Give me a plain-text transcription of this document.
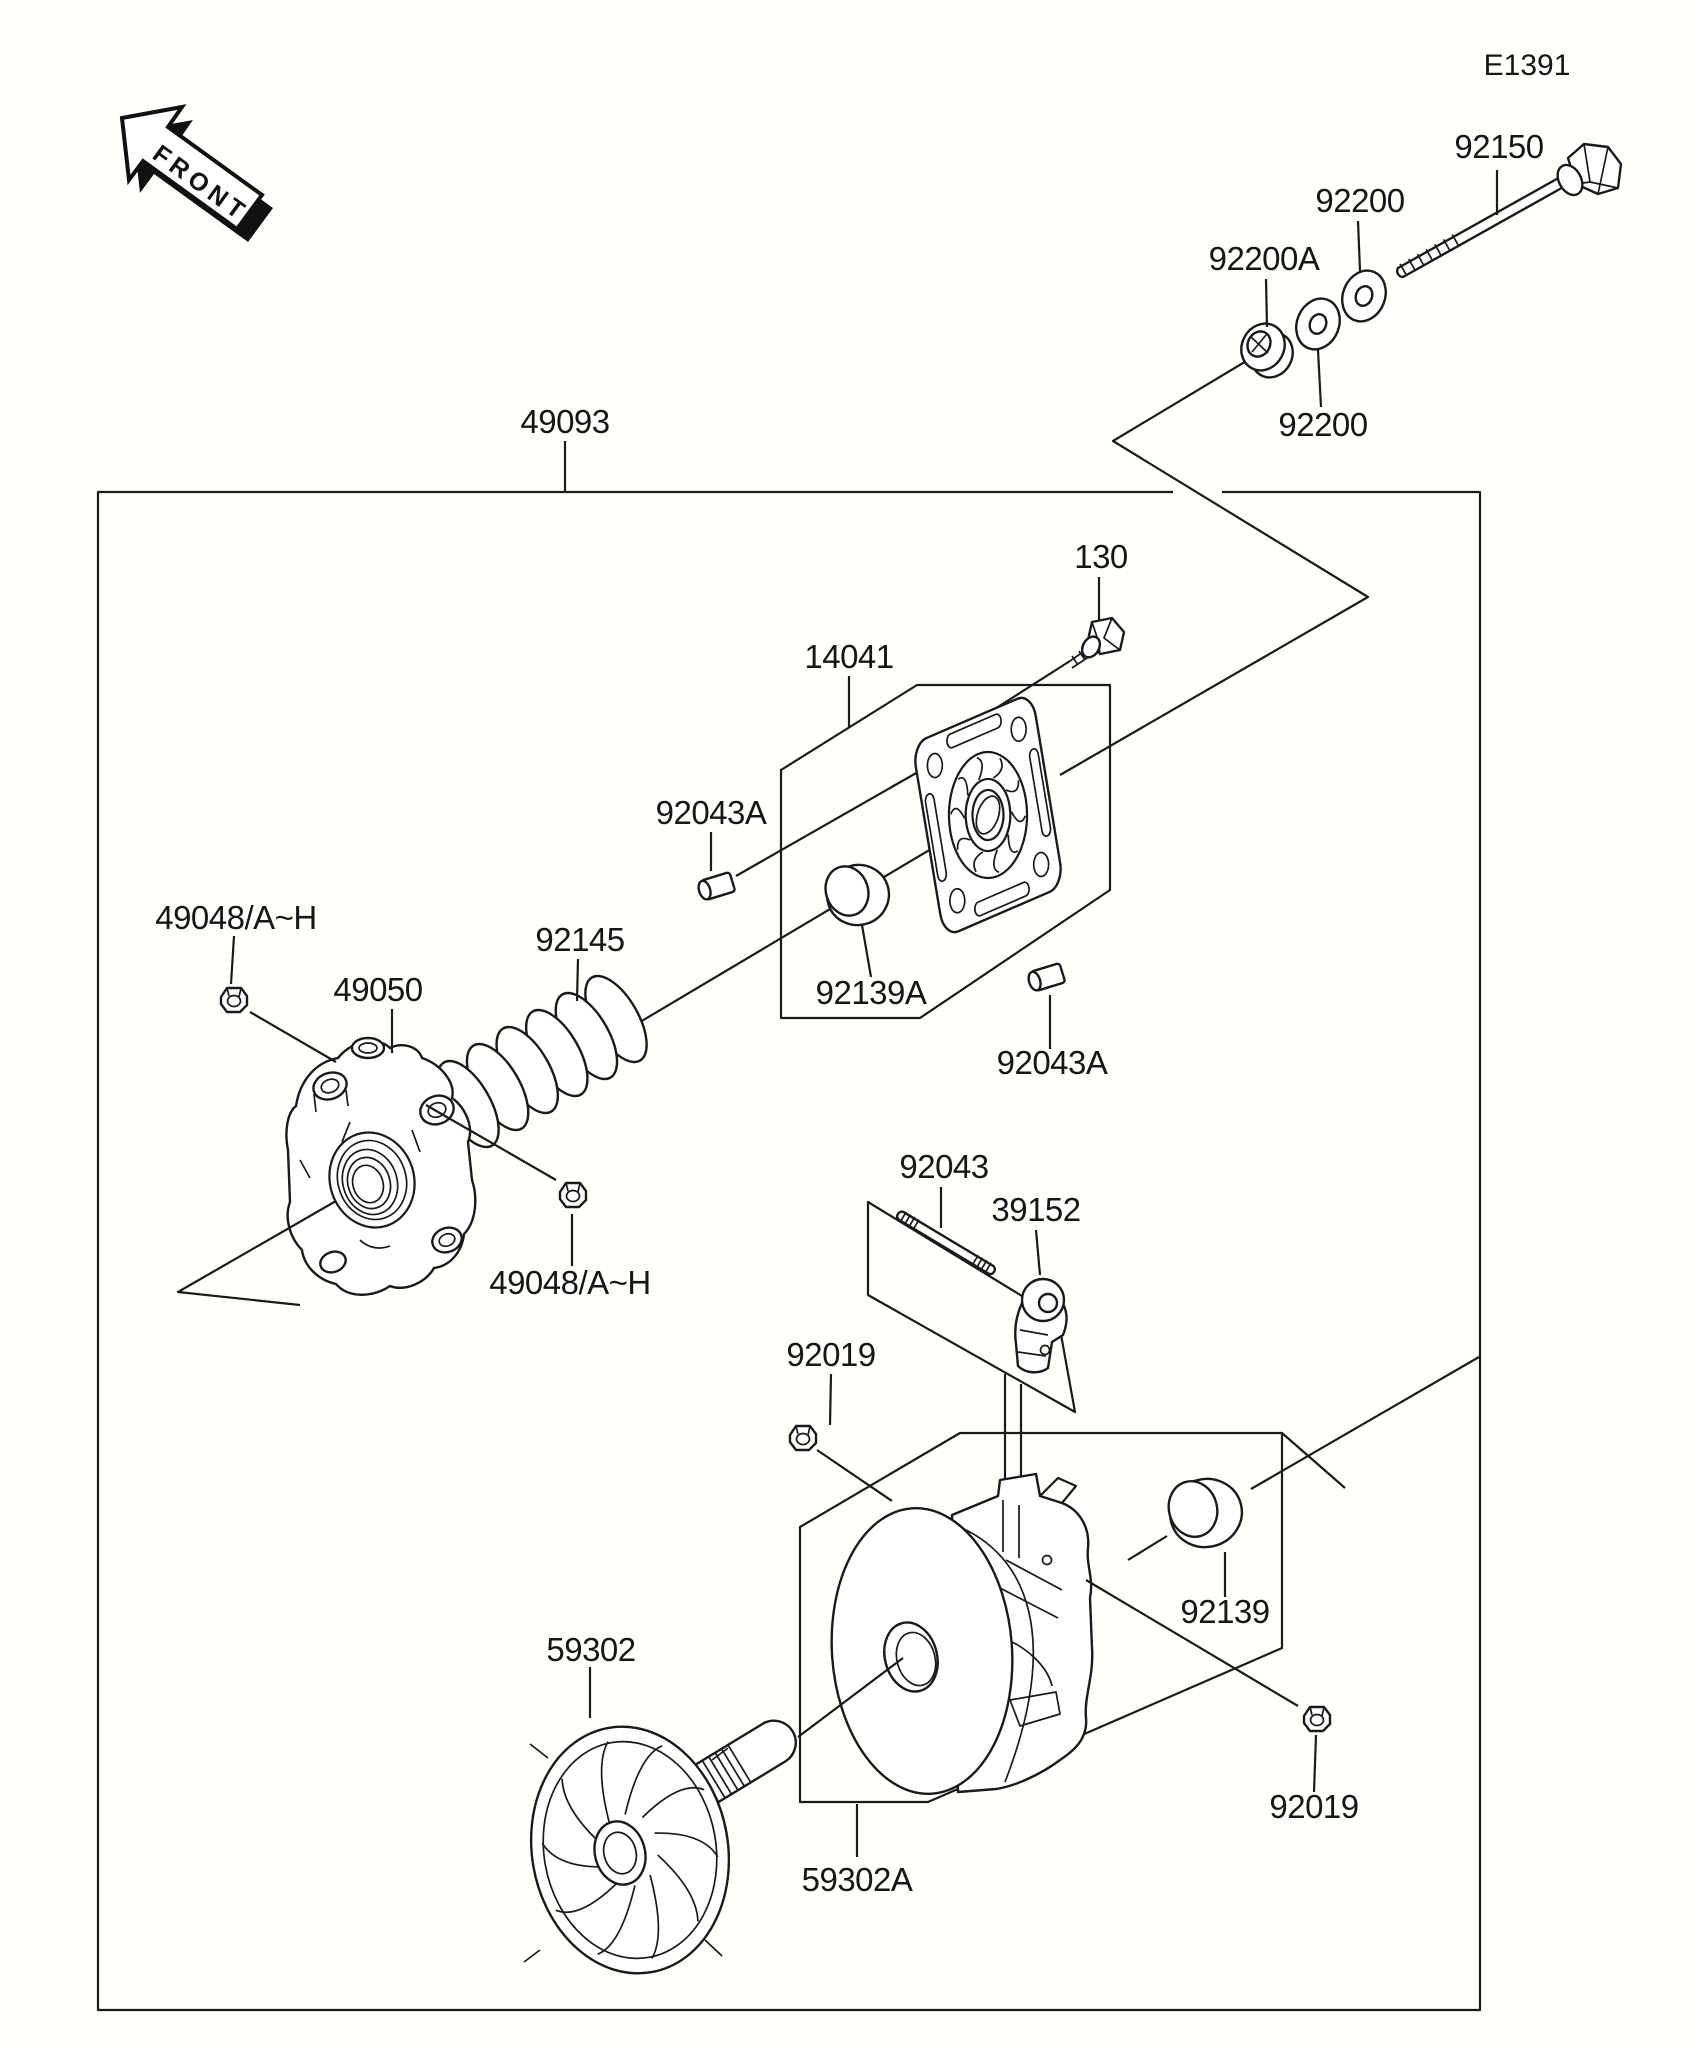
FRONT
E1391
92150
92200
92200A
92200
49093
130
14041
92043A
49048/A~H
92145
49050	92139A
92043A
92043
39152
49048/A~H
92019
92139
59302
92019
59302A
